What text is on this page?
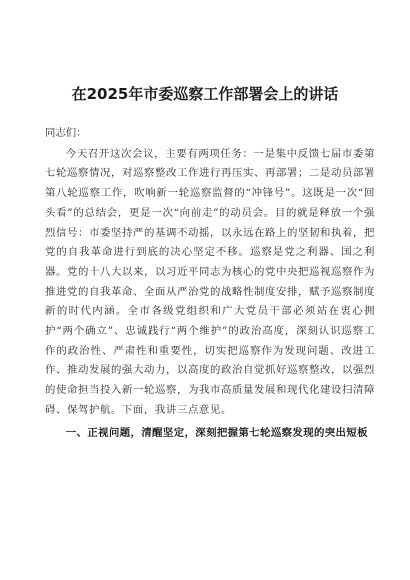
在2025年市委巡察工作部署会上的讲话

同志们：

今天召开这次会议，主要有两项任务：一是集中反馈七届市委第七轮巡察情况，对巡察整改工作进行再压实、再部署；二是动员部署第八轮巡察工作，吹响新一轮巡察监督的“冲锋号”。这既是一次“回头看”的总结会，更是一次“向前走”的动员会。目的就是释放一个强烈信号：市委坚持严的基调不动摇，以永远在路上的坚韧和执着，把党的自我革命进行到底的决心坚定不移。巡察是党之利器、国之利器。党的十八大以来，以习近平同志为核心的党中央把巡视巡察作为推进党的自我革命、全面从严治党的战略性制度安排，赋予巡察制度新的时代内涵。全市各级党组织和广大党员干部必须站在衷心拥护“两个确立”、忠诚践行“两个维护”的政治高度，深刻认识巡察工作的政治性、严肃性和重要性，切实把巡察作为发现问题、改进工作、推动发展的强大动力，以高度的政治自觉抓好巡察整改，以强烈的使命担当投入新一轮巡察，为我市高质量发展和现代化建设扫清障碍、保驾护航。下面，我讲三点意见。

一、正视问题，清醒坚定，深刻把握第七轮巡察发现的突出短板
